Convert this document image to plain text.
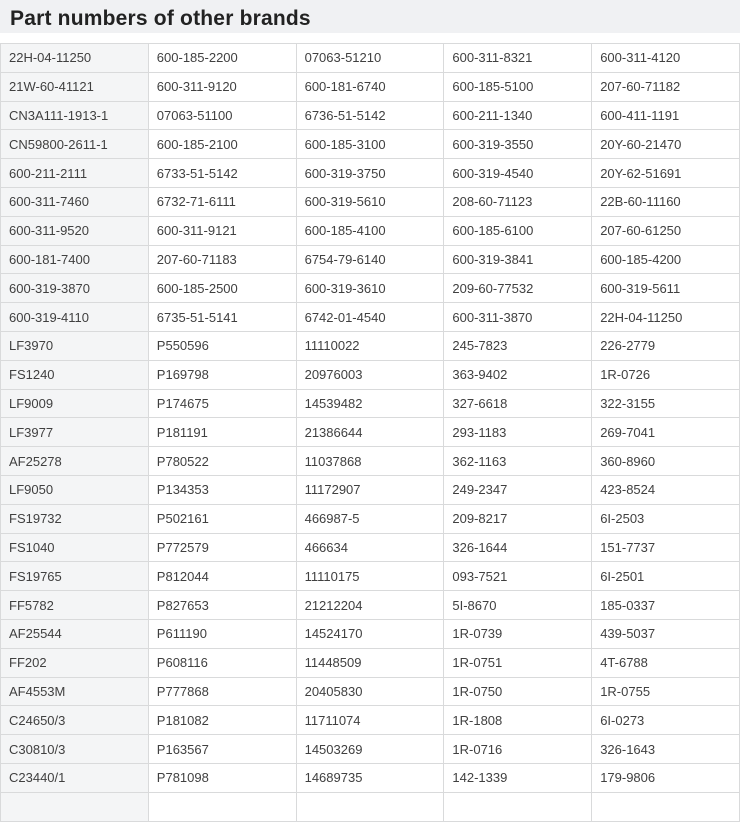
Part numbers of other brands
22H-04-11250	600-185-2200	07063-51210	600-311-8321	600-311-4120
21W-60-41121	600-311-9120	600-181-6740	600-185-5100	207-60-71182
CN3A111-1913-1	07063-51100	6736-51-5142	600-211-1340	600-411-1191
CN59800-2611-1	600-185-2100	600-185-3100	600-319-3550	20Y-60-21470
600-211-2111	6733-51-5142	600-319-3750	600-319-4540	20Y-62-51691
600-311-7460	6732-71-6111	600-319-5610	208-60-71123	22B-60-11160
600-311-9520	600-311-9121	600-185-4100	600-185-6100	207-60-61250
600-181-7400	207-60-71183	6754-79-6140	600-319-3841	600-185-4200
600-319-3870	600-185-2500	600-319-3610	209-60-77532	600-319-5611
600-319-4110	6735-51-5141	6742-01-4540	600-311-3870	22H-04-11250
LF3970	P550596	11110022	245-7823	226-2779
FS1240	P169798	20976003	363-9402	1R-0726
LF9009	P174675	14539482	327-6618	322-3155
LF3977	P181191	21386644	293-1183	269-7041
AF25278	P780522	11037868	362-1163	360-8960
LF9050	P134353	11172907	249-2347	423-8524
FS19732	P502161	466987-5	209-8217	6I-2503
FS1040	P772579	466634	326-1644	151-7737
FS19765	P812044	11110175	093-7521	6I-2501
FF5782	P827653	21212204	5I-8670	185-0337
AF25544	P611190	14524170	1R-0739	439-5037
FF202	P608116	11448509	1R-0751	4T-6788
AF4553M	P777868	20405830	1R-0750	1R-0755
C24650/3	P181082	11711074	1R-1808	6I-0273
C30810/3	P163567	14503269	1R-0716	326-1643
C23440/1	P781098	14689735	142-1339	179-9806
